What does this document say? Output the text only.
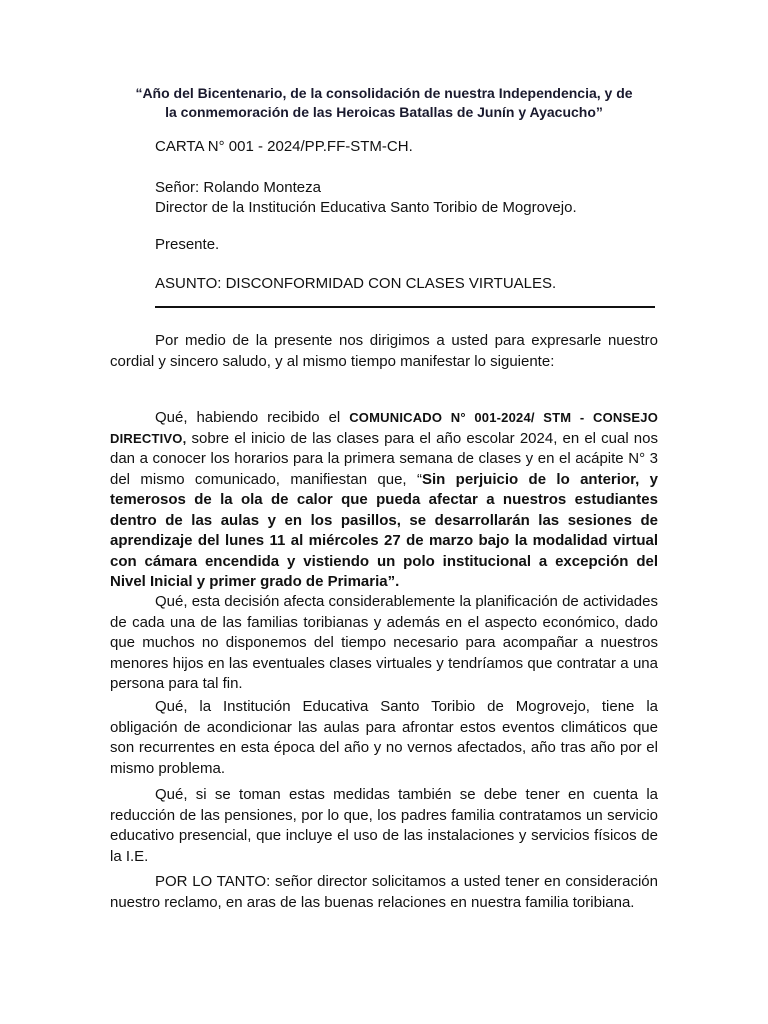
“Año del Bicentenario, de la consolidación de nuestra Independencia, y de
la conmemoración de las Heroicas Batallas de Junín y Ayacucho”
CARTA N° 001 - 2024/PP.FF-STM-CH.
Señor: Rolando Monteza
Director de la Institución Educativa Santo Toribio de Mogrovejo.
Presente.
ASUNTO: DISCONFORMIDAD CON CLASES VIRTUALES.

Por medio de la presente nos dirigimos a usted para expresarle nuestro cordial y sincero saludo, y al mismo tiempo manifestar lo siguiente:

Qué, habiendo recibido el COMUNICADO N° 001-2024/ STM - CONSEJO DIRECTIVO, sobre el inicio de las clases para el año escolar 2024, en el cual nos dan a conocer los horarios para la primera semana de clases y en el acápite N° 3 del mismo comunicado, manifiestan que, “Sin perjuicio de lo anterior, y temerosos de la ola de calor que pueda afectar a nuestros estudiantes dentro de las aulas y en los pasillos, se desarrollarán las sesiones de aprendizaje del lunes 11 al miércoles 27 de marzo bajo la modalidad virtual con cámara encendida y vistiendo un polo institucional a excepción del Nivel Inicial y primer grado de Primaria”.

Qué, esta decisión afecta considerablemente la planificación de actividades de cada una de las familias toribianas y además en el aspecto económico, dado que muchos no disponemos del tiempo necesario para acompañar a nuestros menores hijos en las eventuales clases virtuales y tendríamos que contratar a una persona para tal fin.

Qué, la Institución Educativa Santo Toribio de Mogrovejo, tiene la obligación de acondicionar las aulas para afrontar estos eventos climáticos que son recurrentes en esta época del año y no vernos afectados, año tras año por el mismo problema.

Qué, si se toman estas medidas también se debe tener en cuenta la reducción de las pensiones, por lo que, los padres familia contratamos un servicio educativo presencial, que incluye el uso de las instalaciones y servicios físicos de la I.E.

POR LO TANTO: señor director solicitamos a usted tener en consideración nuestro reclamo, en aras de las buenas relaciones en nuestra familia toribiana.
